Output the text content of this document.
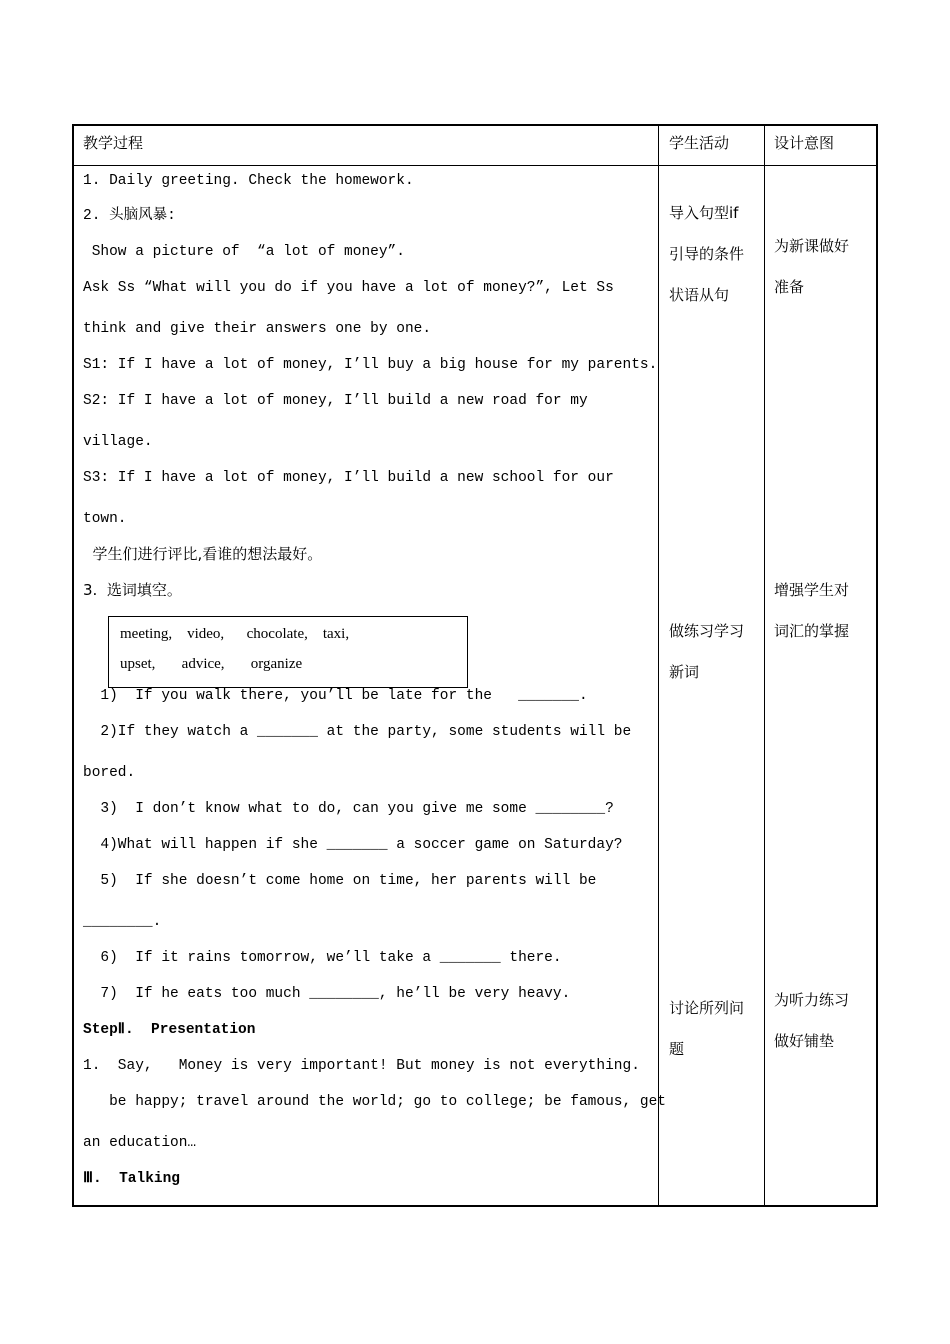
教学过程	学生活动	设计意图
1. Daily greeting. Check the homework.
2. 头脑风暴:
Show a picture of  “a lot of money”.
Ask Ss “What will you do if you have a lot of money?”, Let Ss
think and give their answers one by one.
S1: If I have a lot of money, I’ll buy a big house for my parents.
S2: If I have a lot of money, I’ll build a new road for my
village.
S3: If I have a lot of money, I’ll build a new school for our
town.
学生们进行评比,看谁的想法最好。
3.  选词填空。
1)  If you walk there, you’ll be late for the   _______.
2)If they watch a _______ at the party, some students will be
bored.
3)  I don’t know what to do, can you give me some ________?
4)What will happen if she _______ a soccer game on Saturday?
5)  If she doesn’t come home on time, her parents will be
________.
6)  If it rains tomorrow, we’ll take a _______ there.
7)  If he eats too much ________, he’ll be very heavy.
StepⅡ.  Presentation
1.  Say,   Money is very important! But money is not everything.
be happy; travel around the world; go to college; be famous, get
an education…
Ⅲ.  Talking
meeting,    video,      chocolate,    taxi,
upset,       advice,       organize
导入句型if
引导的条件
状语从句
做练习学习
新词
讨论所列问
题
为新课做好
准备
增强学生对
词汇的掌握
为听力练习
做好铺垫
